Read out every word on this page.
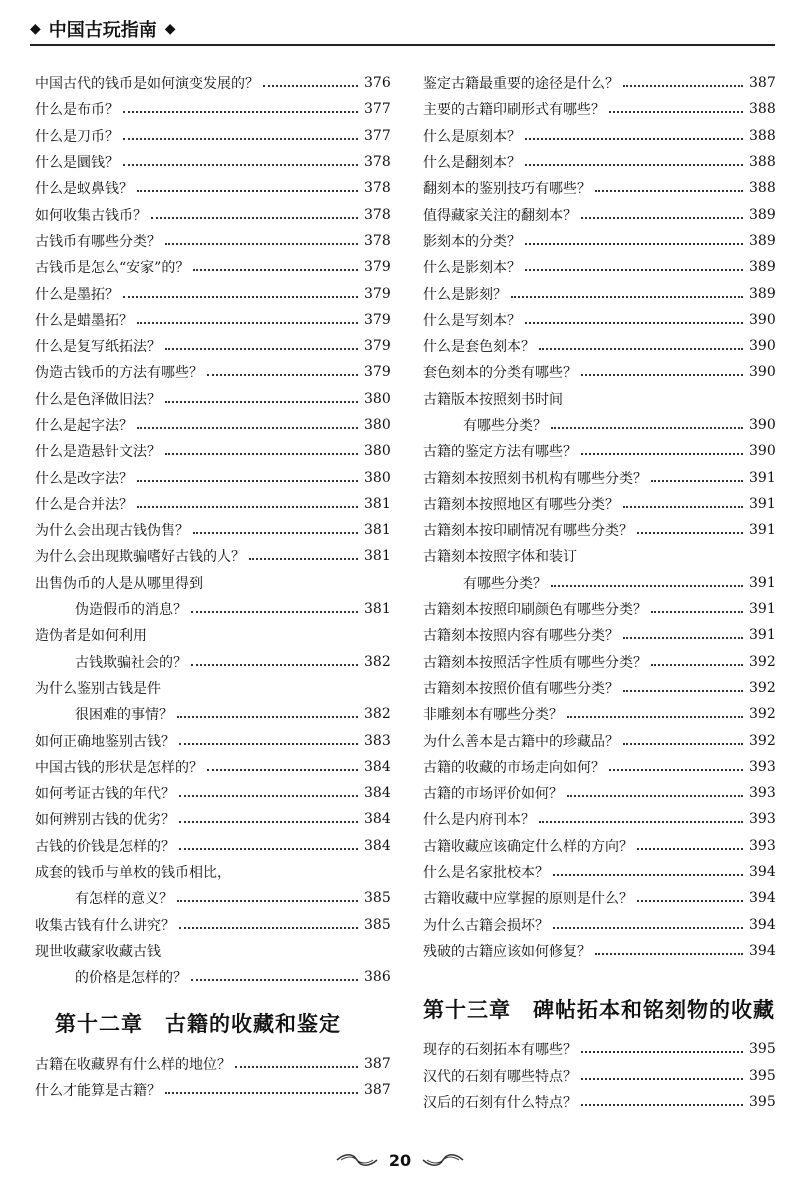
◆ 中国古玩指南 ◆
中国古代的钱币是如何演变发展的？	376
什么是布币？	377
什么是刀币？	377
什么是圜钱？	378
什么是蚁鼻钱？	378
如何收集古钱币？	378
古钱币有哪些分类？	378
古钱币是怎么“安家”的？	379
什么是墨拓？	379
什么是蜡墨拓？	379
什么是复写纸拓法？	379
伪造古钱币的方法有哪些？	379
什么是色泽做旧法？	380
什么是起字法？	380
什么是造悬针文法？	380
什么是改字法？	380
什么是合并法？	381
为什么会出现古钱伪售？	381
为什么会出现欺骗嗜好古钱的人？	381
出售伪币的人是从哪里得到
伪造假币的消息？	381
造伪者是如何利用
古钱欺骗社会的？	382
为什么鉴别古钱是件
很困难的事情？	382
如何正确地鉴别古钱？	383
中国古钱的形状是怎样的？	384
如何考证古钱的年代？	384
如何辨别古钱的优劣？	384
古钱的价钱是怎样的？	384
成套的钱币与单枚的钱币相比，
有怎样的意义？	385
收集古钱有什么讲究？	385
现世收藏家收藏古钱
的价格是怎样的？	386
第十二章　古籍的收藏和鉴定
古籍在收藏界有什么样的地位？	387
什么才能算是古籍？	387
鉴定古籍最重要的途径是什么？	387
主要的古籍印刷形式有哪些？	388
什么是原刻本？	388
什么是翻刻本？	388
翻刻本的鉴别技巧有哪些？	388
值得藏家关注的翻刻本？	389
影刻本的分类？	389
什么是影刻本？	389
什么是影刻？	389
什么是写刻本？	390
什么是套色刻本？	390
套色刻本的分类有哪些？	390
古籍版本按照刻书时间
有哪些分类？	390
古籍的鉴定方法有哪些？	390
古籍刻本按照刻书机构有哪些分类？	391
古籍刻本按照地区有哪些分类？	391
古籍刻本按印刷情况有哪些分类？	391
古籍刻本按照字体和装订
有哪些分类？	391
古籍刻本按照印刷颜色有哪些分类？	391
古籍刻本按照内容有哪些分类？	391
古籍刻本按照活字性质有哪些分类？	392
古籍刻本按照价值有哪些分类？	392
非雕刻本有哪些分类？	392
为什么善本是古籍中的珍藏品？	392
古籍的收藏的市场走向如何？	393
古籍的市场评价如何？	393
什么是内府刊本？	393
古籍收藏应该确定什么样的方向？	393
什么是名家批校本？	394
古籍收藏中应掌握的原则是什么？	394
为什么古籍会损坏？	394
残破的古籍应该如何修复？	394
第十三章　碑帖拓本和铭刻物的收藏
现存的石刻拓本有哪些？	395
汉代的石刻有哪些特点？	395
汉后的石刻有什么特点？	395
20
